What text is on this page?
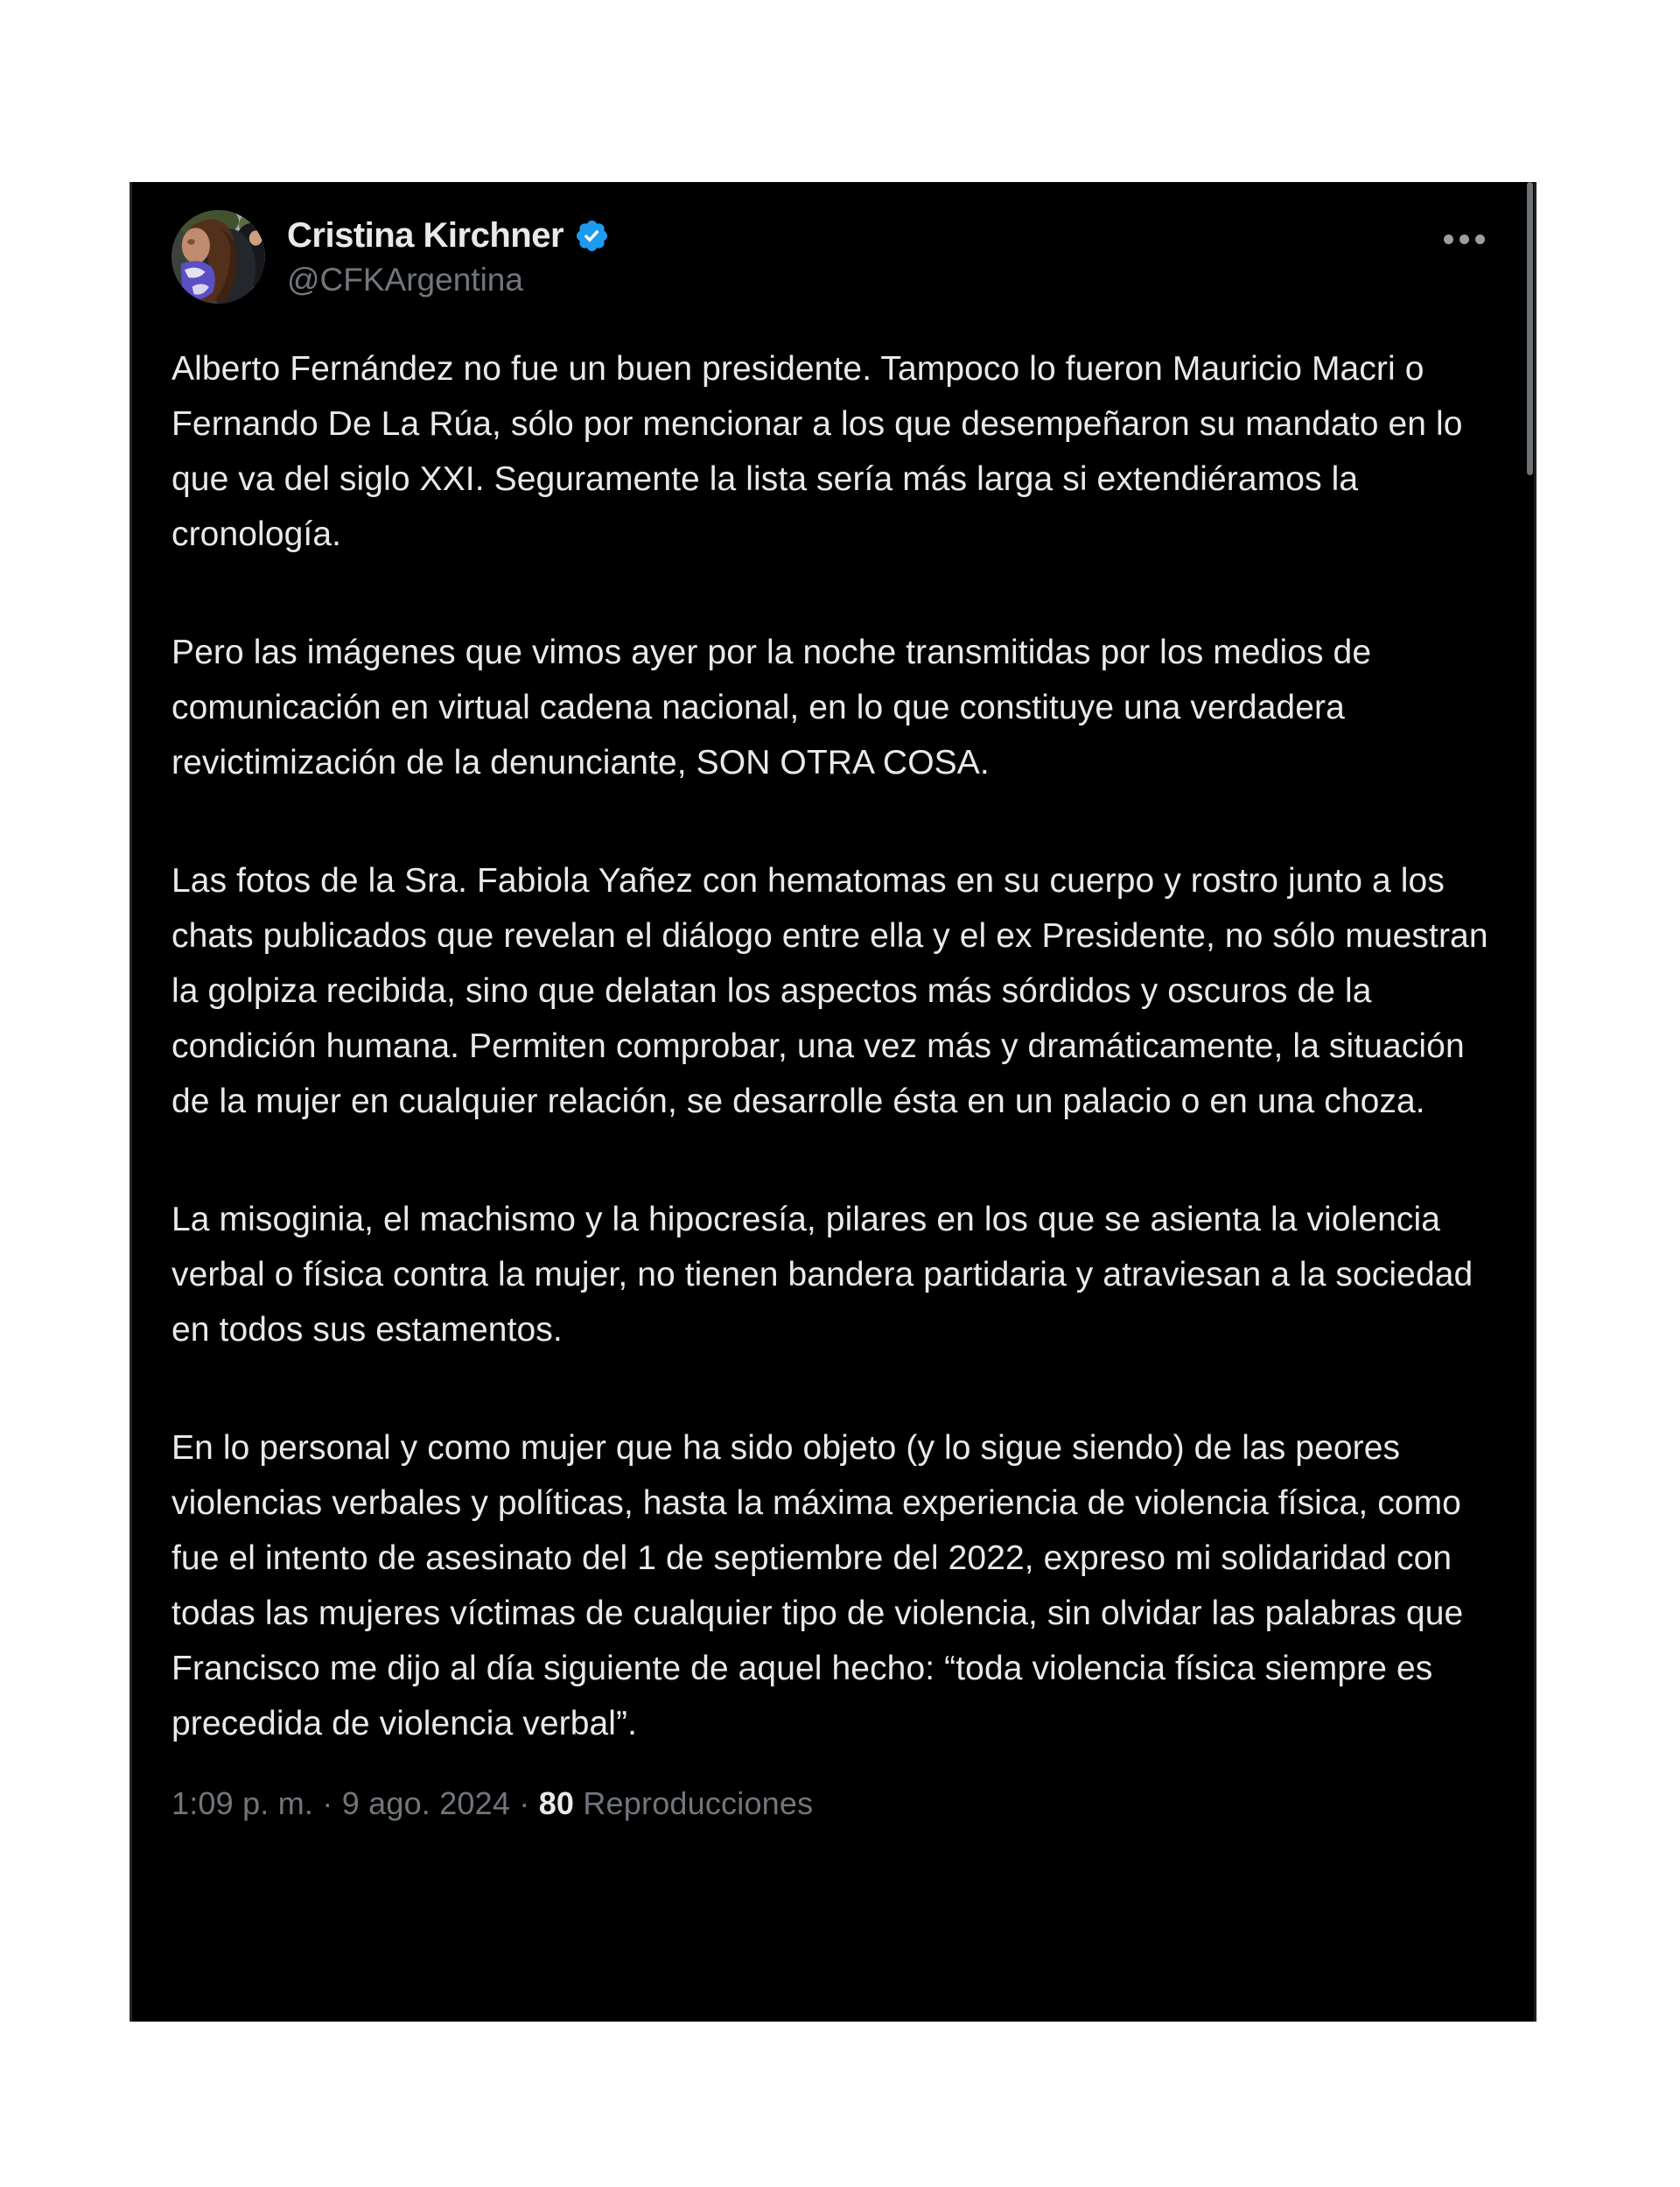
Cristina Kirchner
@CFKArgentina

Alberto Fernández no fue un buen presidente. Tampoco lo fueron Mauricio Macri o Fernando De La Rúa, sólo por mencionar a los que desempeñaron su mandato en lo que va del siglo XXI. Seguramente la lista sería más larga si extendiéramos la cronología.

Pero las imágenes que vimos ayer por la noche transmitidas por los medios de comunicación en virtual cadena nacional, en lo que constituye una verdadera revictimización de la denunciante, SON OTRA COSA.

Las fotos de la Sra. Fabiola Yañez con hematomas en su cuerpo y rostro junto a los chats publicados que revelan el diálogo entre ella y el ex Presidente, no sólo muestran la golpiza recibida, sino que delatan los aspectos más sórdidos y oscuros de la condición humana. Permiten comprobar, una vez más y dramáticamente, la situación de la mujer en cualquier relación, se desarrolle ésta en un palacio o en una choza.

La misoginia, el machismo y la hipocresía, pilares en los que se asienta la violencia verbal o física contra la mujer, no tienen bandera partidaria y atraviesan a la sociedad en todos sus estamentos.

En lo personal y como mujer que ha sido objeto (y lo sigue siendo) de las peores violencias verbales y políticas, hasta la máxima experiencia de violencia física, como fue el intento de asesinato del 1 de septiembre del 2022, expreso mi solidaridad con todas las mujeres víctimas de cualquier tipo de violencia, sin olvidar las palabras que Francisco me dijo al día siguiente de aquel hecho: “toda violencia física siempre es precedida de violencia verbal”.

1:09 p. m. · 9 ago. 2024 · 80 Reproducciones
